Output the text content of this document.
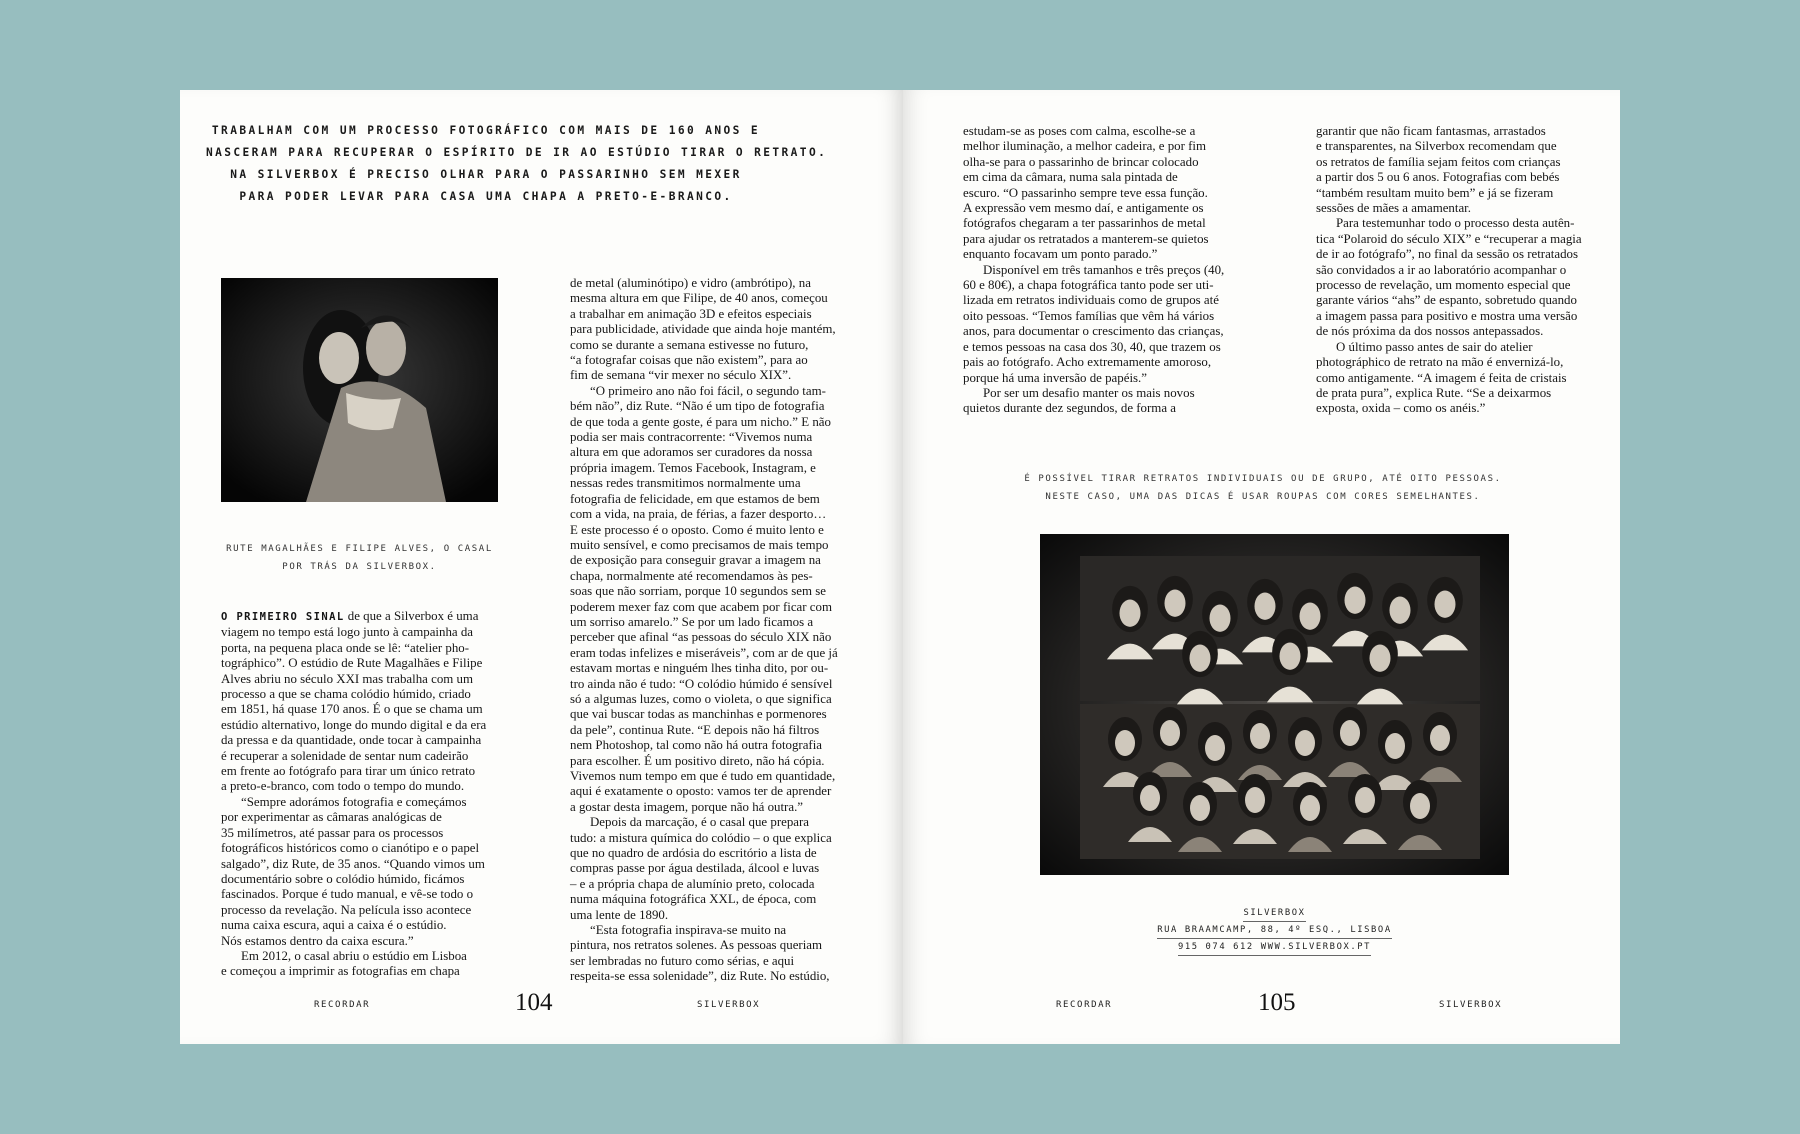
TRABALHAM COM UM PROCESSO FOTOGRÁFICO COM MAIS DE 160 ANOS E
NASCERAM PARA RECUPERAR O ESPÍRITO DE IR AO ESTÚDIO TIRAR O RETRATO.
NA SILVERBOX É PRECISO OLHAR PARA O PASSARINHO SEM MEXER
PARA PODER LEVAR PARA CASA UMA CHAPA A PRETO-E-BRANCO.

RUTE MAGALHÃES E FILIPE ALVES, O CASAL
POR TRÁS DA SILVERBOX.

O PRIMEIRO SINAL de que a Silverbox é uma
viagem no tempo está logo junto à campainha da
porta, na pequena placa onde se lê: “atelier pho-
tográphico”. O estúdio de Rute Magalhães e Filipe
Alves abriu no século XXI mas trabalha com um
processo a que se chama colódio húmido, criado
em 1851, há quase 170 anos. É o que se chama um
estúdio alternativo, longe do mundo digital e da era
da pressa e da quantidade, onde tocar à campainha
é recuperar a solenidade de sentar num cadeirão
em frente ao fotógrafo para tirar um único retrato
a preto-e-branco, com todo o tempo do mundo.
“Sempre adorámos fotografia e começámos
por experimentar as câmaras analógicas de
35 milímetros, até passar para os processos
fotográficos históricos como o cianótipo e o papel
salgado”, diz Rute, de 35 anos. “Quando vimos um
documentário sobre o colódio húmido, ficámos
fascinados. Porque é tudo manual, e vê-se todo o
processo da revelação. Na película isso acontece
numa caixa escura, aqui a caixa é o estúdio.
Nós estamos dentro da caixa escura.”
Em 2012, o casal abriu o estúdio em Lisboa
e começou a imprimir as fotografias em chapa
de metal (aluminótipo) e vidro (ambrótipo), na
mesma altura em que Filipe, de 40 anos, começou
a trabalhar em animação 3D e efeitos especiais
para publicidade, atividade que ainda hoje mantém,
como se durante a semana estivesse no futuro,
“a fotografar coisas que não existem”, para ao
fim de semana “vir mexer no século XIX”.
“O primeiro ano não foi fácil, o segundo tam-
bém não”, diz Rute. “Não é um tipo de fotografia
de que toda a gente goste, é para um nicho.” E não
podia ser mais contracorrente: “Vivemos numa
altura em que adoramos ser curadores da nossa
própria imagem. Temos Facebook, Instagram, e
nessas redes transmitimos normalmente uma
fotografia de felicidade, em que estamos de bem
com a vida, na praia, de férias, a fazer desporto…
E este processo é o oposto. Como é muito lento e
muito sensível, e como precisamos de mais tempo
de exposição para conseguir gravar a imagem na
chapa, normalmente até recomendamos às pes-
soas que não sorriam, porque 10 segundos sem se
poderem mexer faz com que acabem por ficar com
um sorriso amarelo.” Se por um lado ficamos a
perceber que afinal “as pessoas do século XIX não
eram todas infelizes e miseráveis”, com ar de que já
estavam mortas e ninguém lhes tinha dito, por ou-
tro ainda não é tudo: “O colódio húmido é sensível
só a algumas luzes, como o violeta, o que significa
que vai buscar todas as manchinhas e pormenores
da pele”, continua Rute. “E depois não há filtros
nem Photoshop, tal como não há outra fotografia
para escolher. É um positivo direto, não há cópia.
Vivemos num tempo em que é tudo em quantidade,
aqui é exatamente o oposto: vamos ter de aprender
a gostar desta imagem, porque não há outra.”
Depois da marcação, é o casal que prepara
tudo: a mistura química do colódio – o que explica
que no quadro de ardósia do escritório a lista de
compras passe por água destilada, álcool e luvas
– e a própria chapa de alumínio preto, colocada
numa máquina fotográfica XXL, de época, com
uma lente de 1890.
“Esta fotografia inspirava-se muito na
pintura, nos retratos solenes. As pessoas queriam
ser lembradas no futuro como sérias, e aqui
respeita-se essa solenidade”, diz Rute. No estúdio,
RECORDAR	104	SILVERBOX
estudam-se as poses com calma, escolhe-se a
melhor iluminação, a melhor cadeira, e por fim
olha-se para o passarinho de brincar colocado
em cima da câmara, numa sala pintada de
escuro. “O passarinho sempre teve essa função.
A expressão vem mesmo daí, e antigamente os
fotógrafos chegaram a ter passarinhos de metal
para ajudar os retratados a manterem-se quietos
enquanto focavam um ponto parado.”
Disponível em três tamanhos e três preços (40,
60 e 80€), a chapa fotográfica tanto pode ser uti-
lizada em retratos individuais como de grupos até
oito pessoas. “Temos famílias que vêm há vários
anos, para documentar o crescimento das crianças,
e temos pessoas na casa dos 30, 40, que trazem os
pais ao fotógrafo. Acho extremamente amoroso,
porque há uma inversão de papéis.”
Por ser um desafio manter os mais novos
quietos durante dez segundos, de forma a
garantir que não ficam fantasmas, arrastados
e transparentes, na Silverbox recomendam que
os retratos de família sejam feitos com crianças
a partir dos 5 ou 6 anos. Fotografias com bebés
“também resultam muito bem” e já se fizeram
sessões de mães a amamentar.
Para testemunhar todo o processo desta autên-
tica “Polaroid do século XIX” e “recuperar a magia
de ir ao fotógrafo”, no final da sessão os retratados
são convidados a ir ao laboratório acompanhar o
processo de revelação, um momento especial que
garante vários “ahs” de espanto, sobretudo quando
a imagem passa para positivo e mostra uma versão
de nós próxima da dos nossos antepassados.
O último passo antes de sair do atelier
photográphico de retrato na mão é envernizá-lo,
como antigamente. “A imagem é feita de cristais
de prata pura”, explica Rute. “Se a deixarmos
exposta, oxida – como os anéis.”

É POSSÍVEL TIRAR RETRATOS INDIVIDUAIS OU DE GRUPO, ATÉ OITO PESSOAS.
NESTE CASO, UMA DAS DICAS É USAR ROUPAS COM CORES SEMELHANTES.

SILVERBOX
RUA BRAAMCAMP, 88, 4º ESQ., LISBOA
915 074 612 WWW.SILVERBOX.PT
RECORDAR	105	SILVERBOX
